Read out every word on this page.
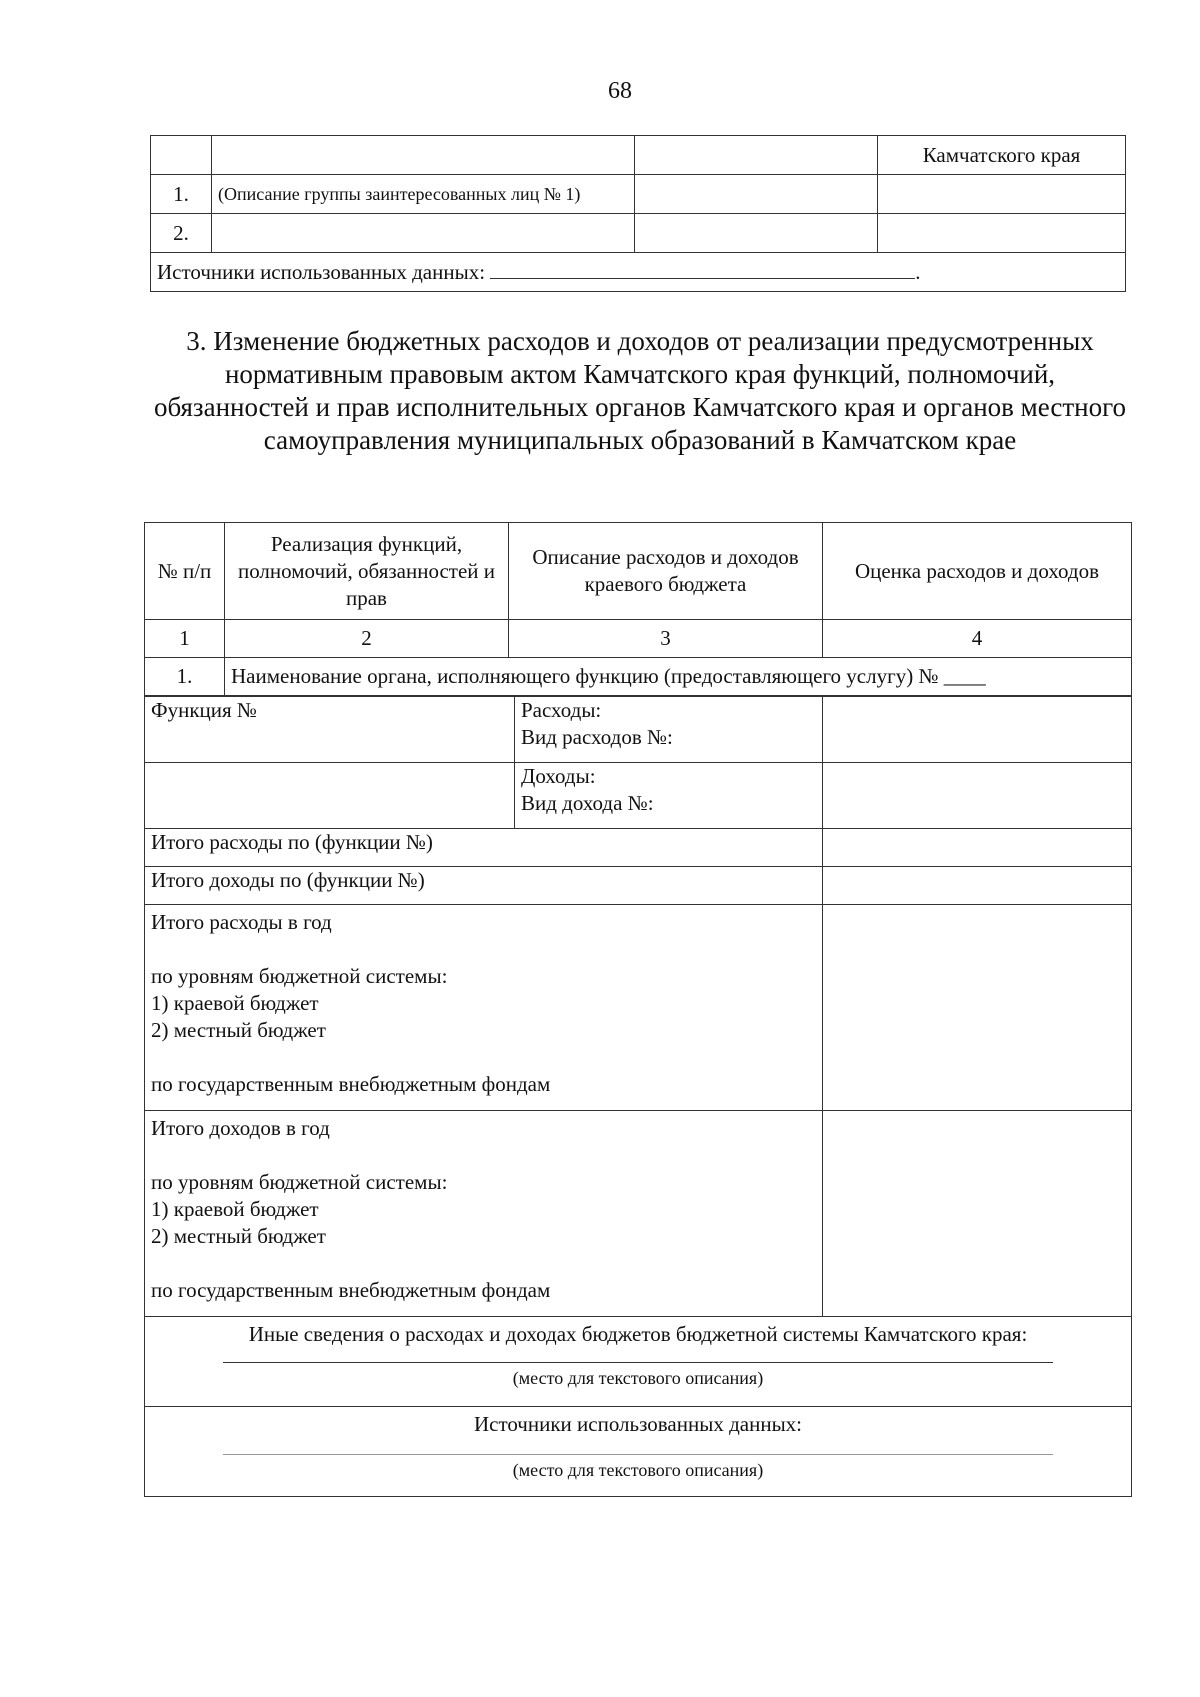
68
			Камчатского края
1.	(Описание группы заинтересованных лиц № 1)		
2.			
Источники использованных данных: .			
3. Изменение бюджетных расходов и доходов от реализации предусмотренных нормативным правовым актом Камчатского края функций, полномочий, обязанностей и прав исполнительных органов Камчатского края и органов местного самоуправления муниципальных образований в Камчатском крае
№ п/п	Реализация функций, полномочий, обязанностей и прав	Описание расходов и доходов краевого бюджета	Оценка расходов и доходов
1	2	3	4
1.	Наименование органа, исполняющего функцию (предоставляющего услугу) № ____		
Функция №	Расходы:
Вид расходов №:	

	Доходы:
Вид дохода №:	

Итого расходы по (функции №)		
Итого доходы по (функции №)		

Итого расходы в год
по уровням бюджетной системы:
1) краевой бюджет
2) местный бюджет
по государственным внебюджетным фондам		

Итого доходов в год
по уровням бюджетной системы:
1) краевой бюджет
2) местный бюджет
по государственным внебюджетным фондам		

Иные сведения о расходах и доходах бюджетов бюджетной системы Камчатского края:
(место для текстового описания)		

Источники использованных данных:
(место для текстового описания)		
